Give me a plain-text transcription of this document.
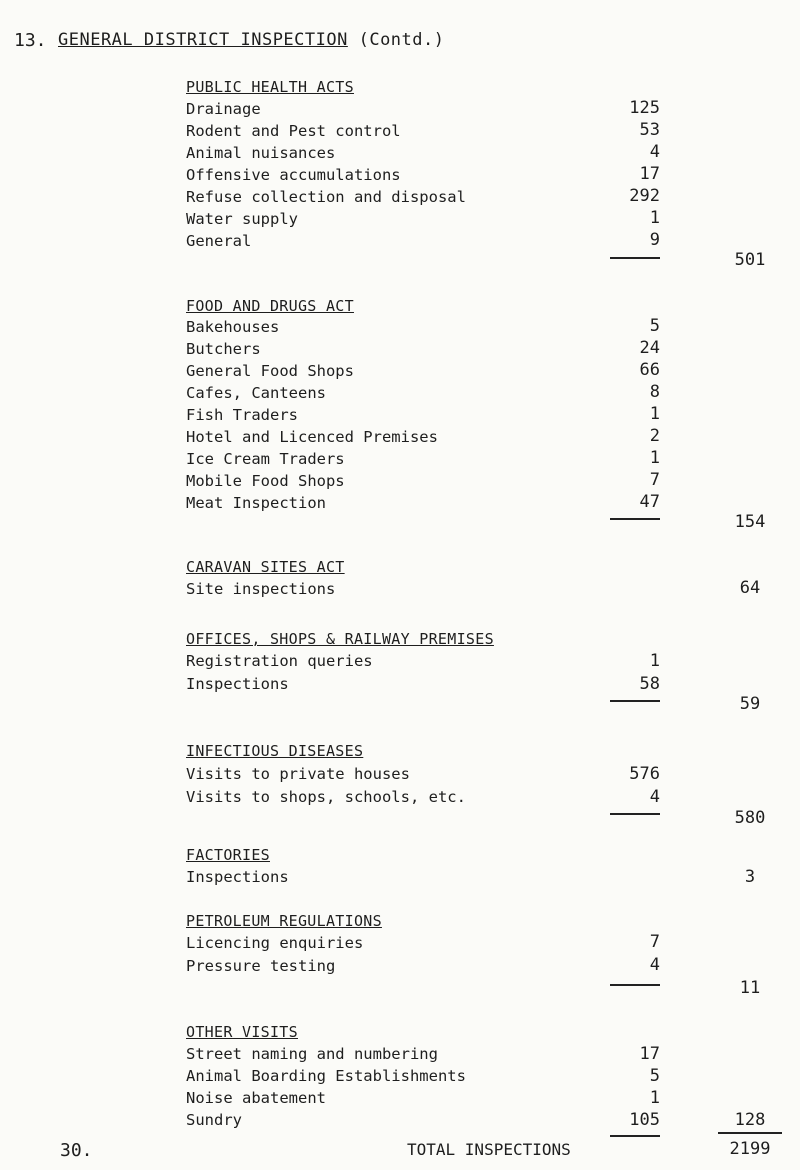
13. GENERAL DISTRICT INSPECTION (Contd.)
PUBLIC HEALTH ACTS
Drainage	125
Rodent and Pest control	53
Animal nuisances	4
Offensive accumulations	17
Refuse collection and disposal	292
Water supply	1
General	9
501
FOOD AND DRUGS ACT
Bakehouses	5
Butchers	24
General Food Shops	66
Cafes, Canteens	8
Fish Traders	1
Hotel and Licenced Premises	2
Ice Cream Traders	1
Mobile Food Shops	7
Meat Inspection	47
154
CARAVAN SITES ACT
Site inspections	64
OFFICES, SHOPS & RAILWAY PREMISES
Registration queries	1
Inspections	58
59
INFECTIOUS DISEASES
Visits to private houses	576
Visits to shops, schools, etc.	4
580
FACTORIES
Inspections	3
PETROLEUM REGULATIONS
Licencing enquiries	7
Pressure testing	4
11
OTHER VISITS
Street naming and numbering	17
Animal Boarding Establishments	5
Noise abatement	1
Sundry	105	128
TOTAL INSPECTIONS	2199
30.
